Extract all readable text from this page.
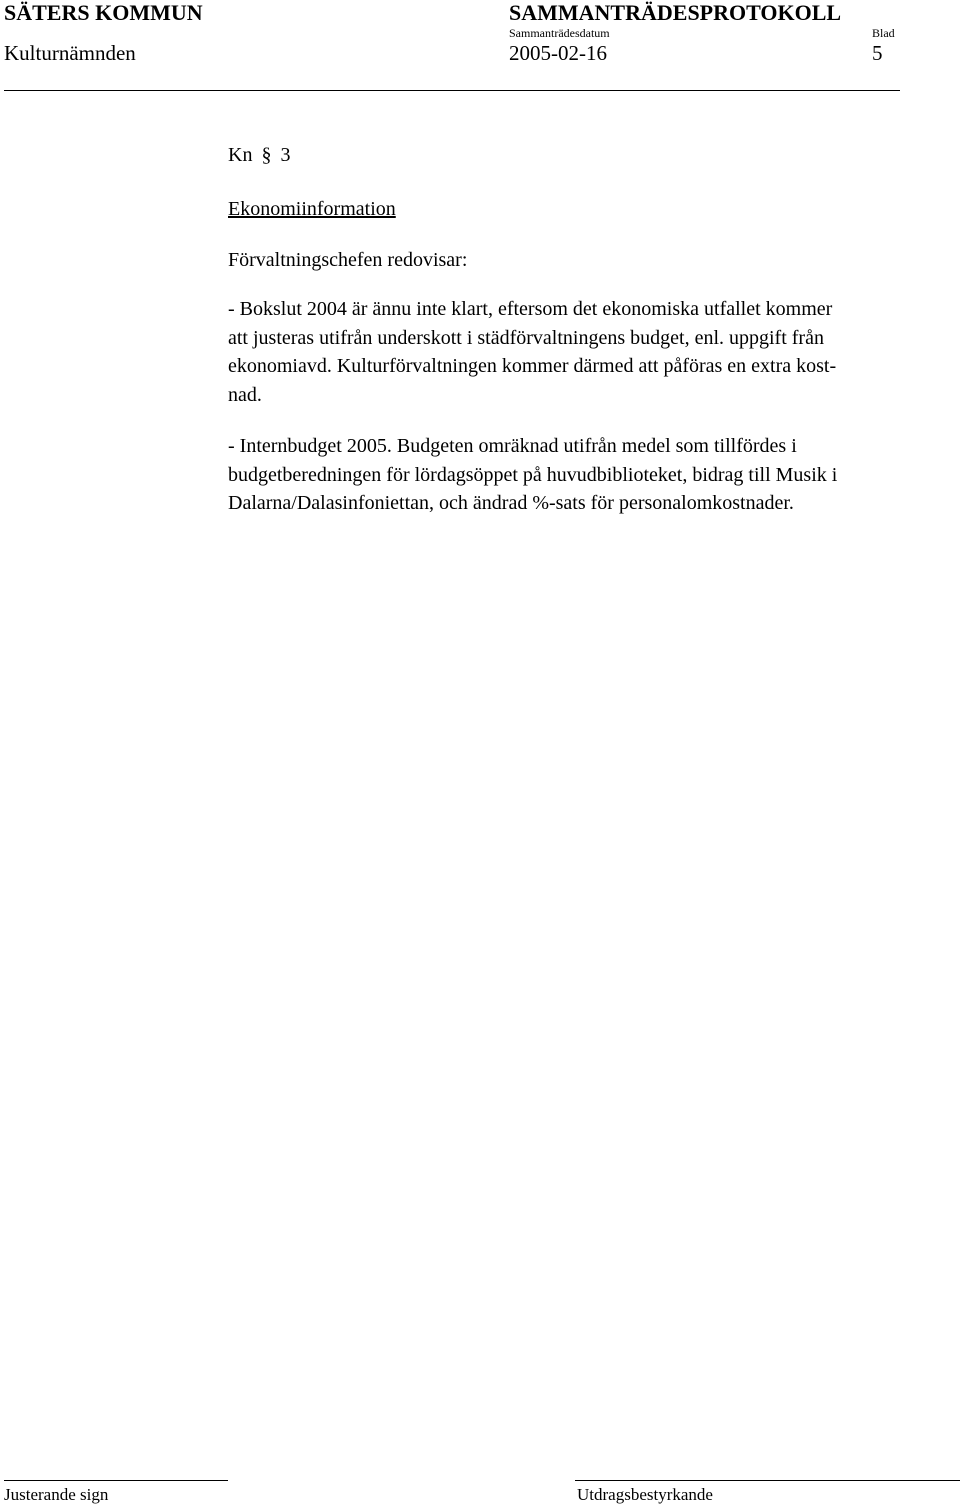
SÄTERS KOMMUN	SAMMANTRÄDESPROTOKOLL
Sammanträdesdatum	Blad
Kulturnämnden	2005-02-16	5
Kn § 3
Ekonomiinformation
Förvaltningschefen redovisar:
- Bokslut 2004 är ännu inte klart, eftersom det ekonomiska utfallet kommer
att justeras utifrån underskott i städförvaltningens budget, enl. uppgift från
ekonomiavd. Kulturförvaltningen kommer därmed att påföras en extra kost-
nad.
- Internbudget 2005. Budgeten omräknad utifrån medel som tillfördes i
budgetberedningen för lördagsöppet på huvudbiblioteket, bidrag till Musik i
Dalarna/Dalasinfoniettan, och ändrad %-sats för personalomkostnader.
Justerande sign	Utdragsbestyrkande
